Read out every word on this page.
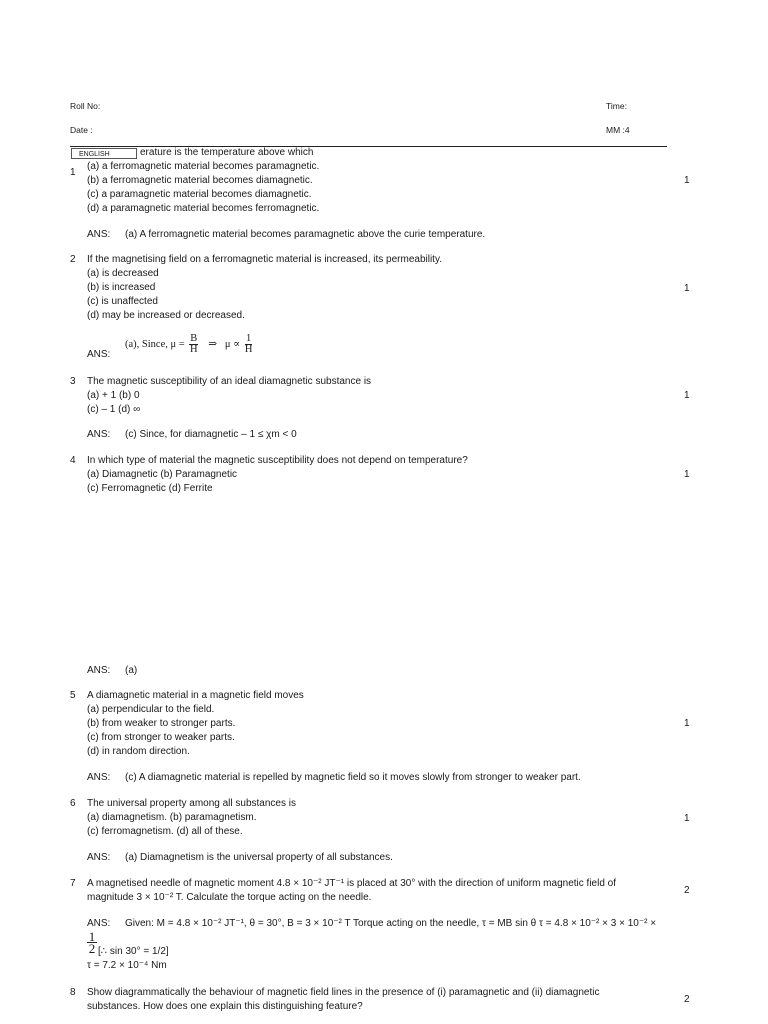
Roll No:	Time:
Date :	MM :4
erature is the temperature above which
ENGLISH
1
(a) a ferromagnetic material becomes paramagnetic.
(b) a ferromagnetic material becomes diamagnetic.
(c) a paramagnetic material becomes diamagnetic.
(d) a paramagnetic material becomes ferromagnetic.
1
ANS: (a) A ferromagnetic material becomes paramagnetic above the curie temperature.
2 If the magnetising field on a ferromagnetic material is increased, its permeability.
(a) is decreased
(b) is increased
(c) is unaffected
(d) may be increased or decreased.
1
ANS:
(a), Since, $\mu = \frac{B}{H}$ ⇒ $\mu \propto \frac{1}{H}$
3 The magnetic susceptibility of an ideal diamagnetic substance is
(a) + 1 (b) 0
(c) – 1 (d) ∞
1
ANS: (c) Since, for diamagnetic – 1 ≤ χm < 0
4 In which type of material the magnetic susceptibility does not depend on temperature?
(a) Diamagnetic (b) Paramagnetic
(c) Ferromagnetic (d) Ferrite
1
ANS: (a)
5 A diamagnetic material in a magnetic field moves
(a) perpendicular to the field.
(b) from weaker to stronger parts.
(c) from stronger to weaker parts.
(d) in random direction.
1
ANS: (c) A diamagnetic material is repelled by magnetic field so it moves slowly from stronger to weaker part.
6 The universal property among all substances is
(a) diamagnetism. (b) paramagnetism.
(c) ferromagnetism. (d) all of these.
1
ANS: (a) Diamagnetism is the universal property of all substances.
7 A magnetised needle of magnetic moment 4.8 × 10⁻² JT⁻¹ is placed at 30° with the direction of uniform magnetic field of
magnitude 3 × 10⁻² T. Calculate the torque acting on the needle.
2
ANS: Given: M = 4.8 × 10⁻² JT⁻¹, θ = 30°, B = 3 × 10⁻² T Torque acting on the needle, τ = MB sin θ τ = 4.8 × 10⁻² × 3 × 10⁻² ×
$\frac{1}{2}$ [∴ sin 30° = 1/2]
τ = 7.2 × 10⁻⁴ Nm
8 Show diagrammatically the behaviour of magnetic field lines in the presence of (i) paramagnetic and (ii) diamagnetic
substances. How does one explain this distinguishing feature?
2
